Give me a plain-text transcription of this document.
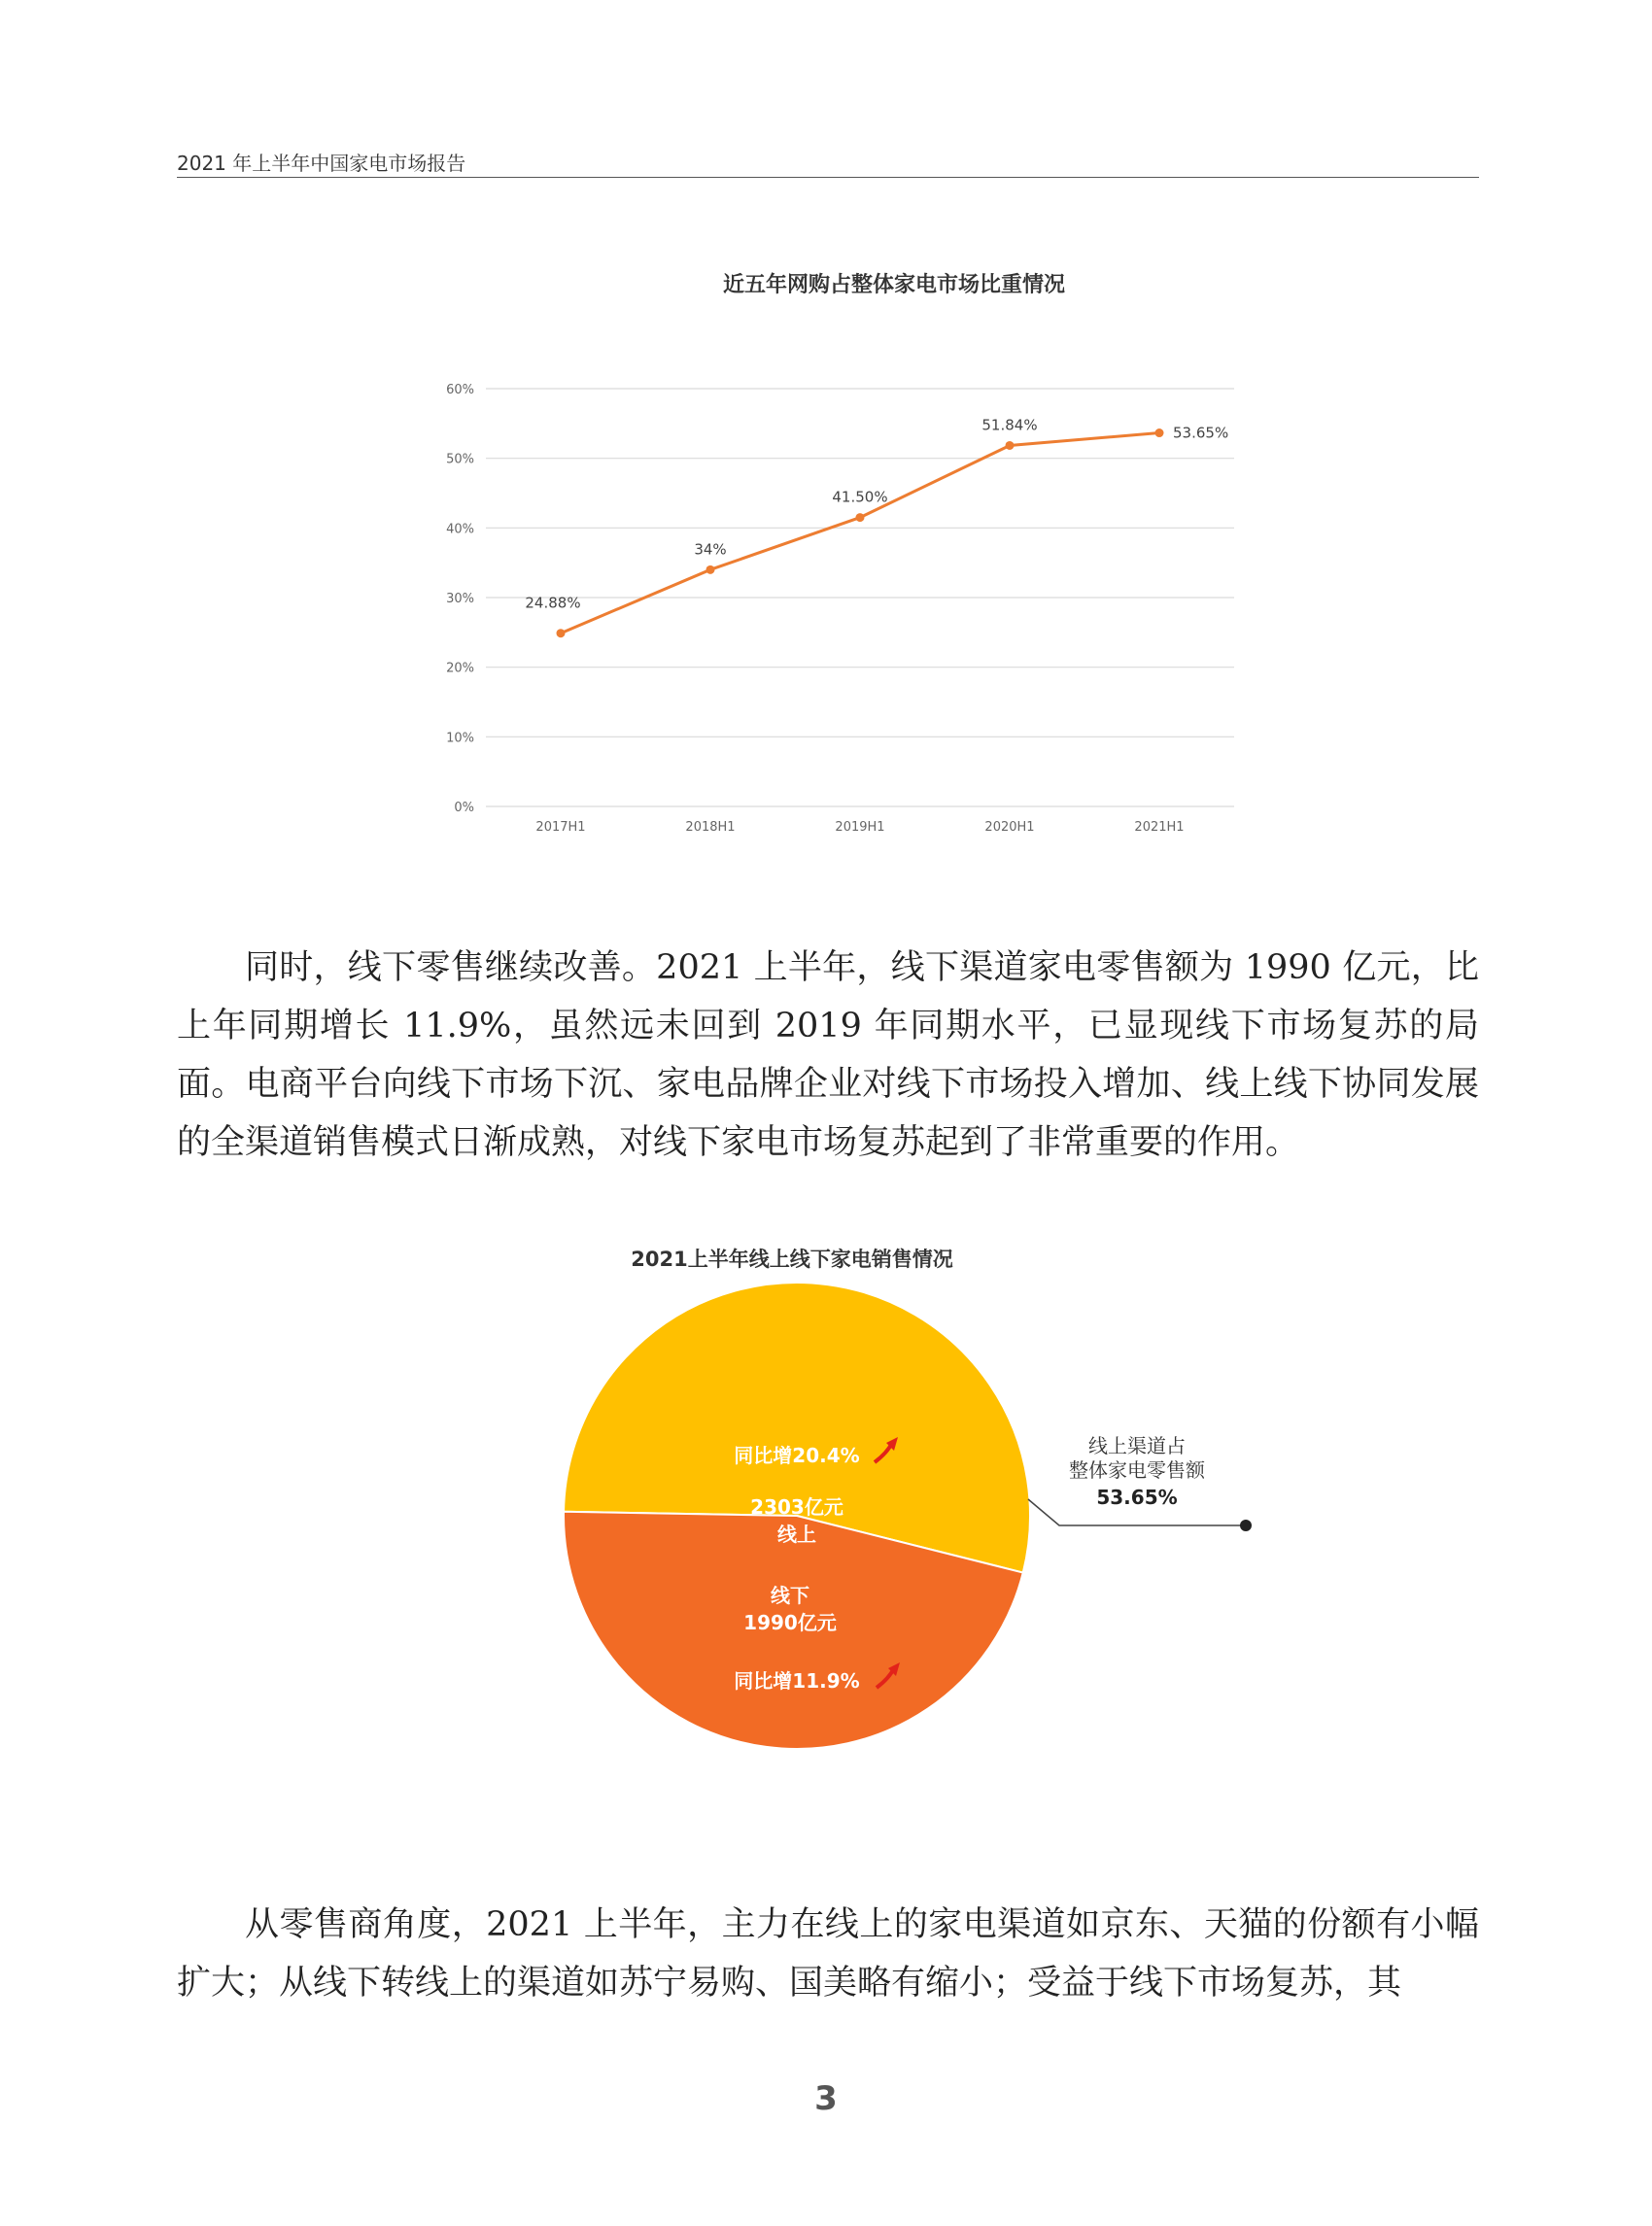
2021 年上半年中国家电市场报告
近五年网购占整体家电市场比重情况
0%
10%
20%
30%
40%
50%
60%
2017H1	2018H1	2019H1	2020H1	2021H1
24.88%
34%
41.50%
51.84%	53.65%
2021上半年线上线下家电销售情况
同比增20.4%
2303亿元
线上
线下
1990亿元
同比增11.9%
线上渠道占
整体家电零售额
53.65%

同时，线下零售继续改善。2021 上半年，线下渠道家电零售额为 1990 亿元，比上年同期增长 11.9%，虽然远未回到 2019 年同期水平，已显现线下市场复苏的局面。电商平台向线下市场下沉、家电品牌企业对线下市场投入增加、线上线下协同发展的全渠道销售模式日渐成熟，对线下家电市场复苏起到了非常重要的作用。

从零售商角度，2021 上半年，主力在线上的家电渠道如京东、天猫的份额有小幅扩大；从线下转线上的渠道如苏宁易购、国美略有缩小；受益于线下市场复苏，其

3
